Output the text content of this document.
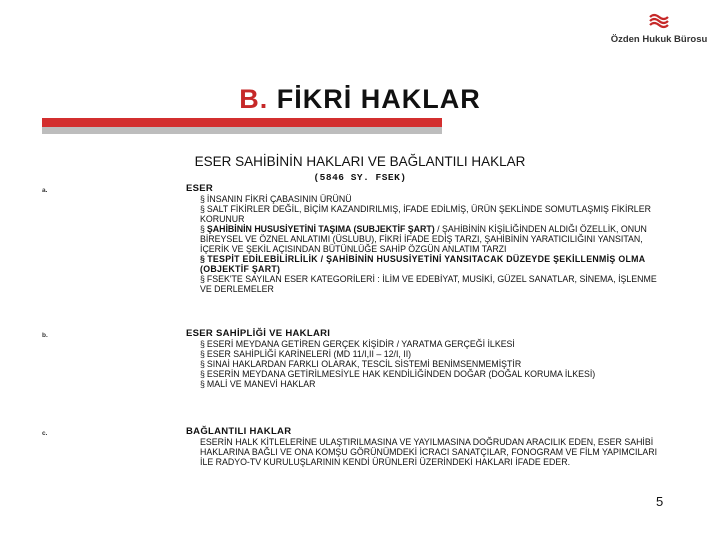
Özden Hukuk Bürosu
B. FİKRİ HAKLAR
ESER SAHİBİNİN HAKLARI VE BAĞLANTILI HAKLAR
(5846 SY. FSEK)
a.	ESER
§ İNSANIN FİKRİ ÇABASININ ÜRÜNÜ
§ SALT FİKİRLER DEĞİL, BİÇİM KAZANDIRILMIŞ, İFADE EDİLMİŞ, ÜRÜN ŞEKLİNDE SOMUTLAŞMIŞ FİKİRLER KORUNUR
§ ŞAHİBİNİN HUSUSİYETİNİ TAŞIMA (SUBJEKTİF ŞART) / ŞAHİBİNİN KİŞİLİĞİNDEN ALDIĞI ÖZELLİK, ONUN BİREYSEL VE ÖZNEL ANLATIMI (ÜSLUBU), FİKRİ İFADE EDİŞ TARZI, ŞAHİBİNİN YARATICILIĞINI YANSITAN, İÇERİK VE ŞEKİL AÇISINDAN BÜTÜNLÜĞE SAHİP ÖZGÜN ANLATIM TARZI
§ TESPİT EDİLEBİLİRLİLİK / ŞAHİBİNİN HUSUSİYETİNİ YANSITACAK DÜZEYDE ŞEKİLLENMİŞ OLMA (OBJEKTİF ŞART)
§ FSEK'TE SAYILAN ESER KATEGORİLERİ : İLİM VE EDEBİYAT, MUSİKİ, GÜZEL SANATLAR, SİNEMA, İŞLENME VE DERLEMELER
b.	ESER SAHİPLİĞİ VE HAKLARI
§ ESERİ MEYDANA GETİREN GERÇEK KİŞİDİR / YARATMA GERÇEĞİ İLKESİ
§ ESER SAHİPLİĞİ KARİNELERİ (MD 11/I,II – 12/I, II)
§ SINAİ HAKLARDAN FARKLI OLARAK, TESCİL SİSTEMİ BENİMSENMEMİŞTİR
§ ESERİN MEYDANA GETİRİLMESİYLE HAK KENDİLİĞİNDEN DOĞAR (DOĞAL KORUMA İLKESİ)
§ MALİ VE MANEVİ HAKLAR
c.	BAĞLANTILI HAKLAR
ESERİN HALK KİTLELERİNE ULAŞTIRILMASINA VE YAYILMASINA DOĞRUDAN ARACILIK EDEN, ESER SAHİBİ HAKLARINA BAĞLI VE ONA KOMŞU GÖRÜNÜMDEKİ İCRACI SANATÇILAR, FONOGRAM VE FİLM YAPIMCILARI İLE RADYO-TV KURULUŞLARININ KENDİ ÜRÜNLERİ ÜZERİNDEKİ HAKLARI İFADE EDER.
5
